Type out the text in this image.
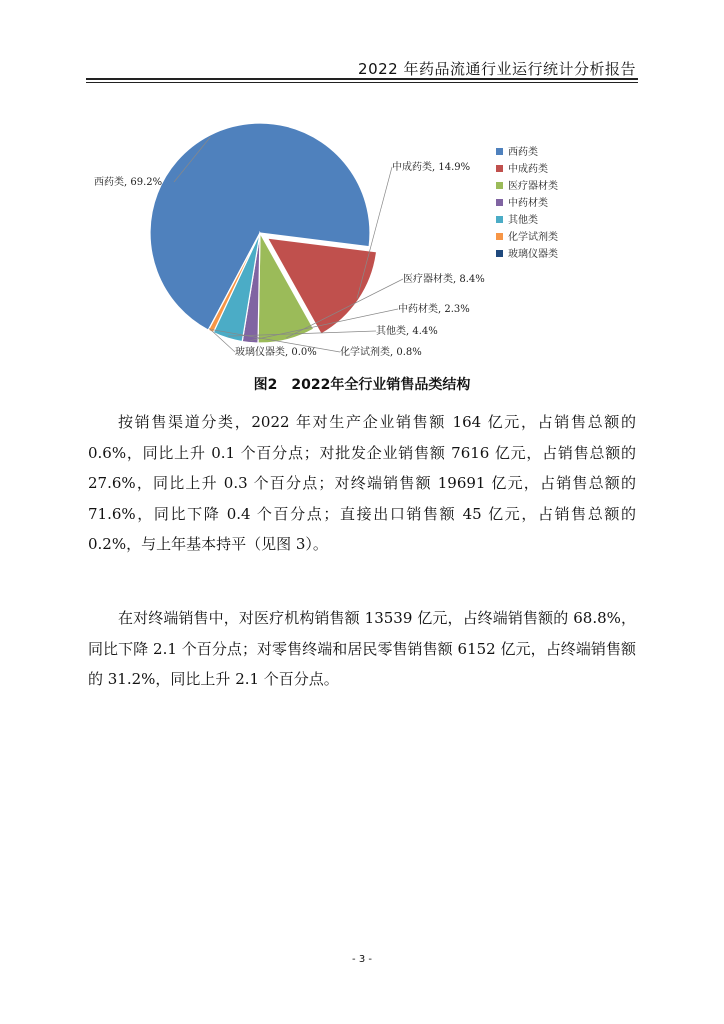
2022 年药品流通行业运行统计分析报告
西药类, 69.2%
中成药类, 14.9%
医疗器材类, 8.4%
中药材类, 2.3%
其他类, 4.4%
化学试剂类, 0.8%
玻璃仪器类, 0.0%
西药类
中成药类
医疗器材类
中药材类
其他类
化学试剂类
玻璃仪器类
图2　2022年全行业销售品类结构

按销售渠道分类，2022 年对生产企业销售额 164 亿元，占销售总额的 0.6%，同比上升 0.1 个百分点；对批发企业销售额 7616 亿元，占销售总额的 27.6%，同比上升 0.3 个百分点；对终端销售额 19691 亿元，占销售总额的 71.6%，同比下降 0.4 个百分点；直接出口销售额 45 亿元，占销售总额的 0.2%，与上年基本持平（见图 3）。

在对终端销售中，对医疗机构销售额 13539 亿元，占终端销售额的 68.8%，同比下降 2.1 个百分点；对零售终端和居民零售销售额 6152 亿元，占终端销售额的 31.2%，同比上升 2.1 个百分点。

- 3 -
